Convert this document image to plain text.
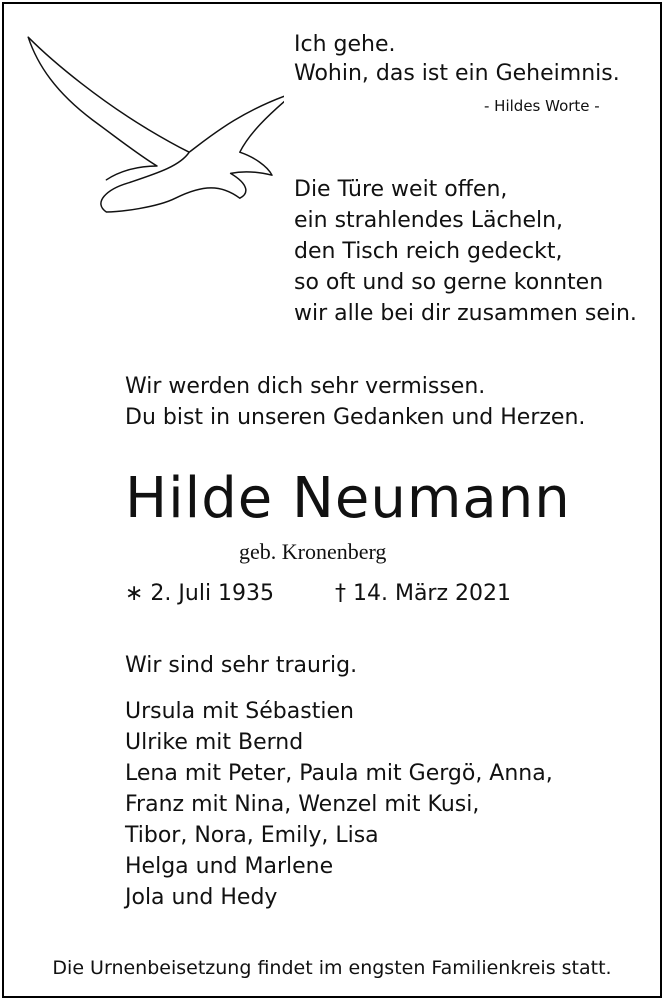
Ich gehe.
Wohin, das ist ein Geheimnis.
- Hildes Worte -
Die Türe weit offen,
ein strahlendes Lächeln,
den Tisch reich gedeckt,
so oft und so gerne konnten
wir alle bei dir zusammen sein.
Wir werden dich sehr vermissen.
Du bist in unseren Gedanken und Herzen.
Hilde Neumann
geb. Kronenberg
∗ 2. Juli 1935	† 14. März 2021
Wir sind sehr traurig.
Ursula mit Sébastien
Ulrike mit Bernd
Lena mit Peter, Paula mit Gergö, Anna,
Franz mit Nina, Wenzel mit Kusi,
Tibor, Nora, Emily, Lisa
Helga und Marlene
Jola und Hedy
Die Urnenbeisetzung findet im engsten Familienkreis statt.
